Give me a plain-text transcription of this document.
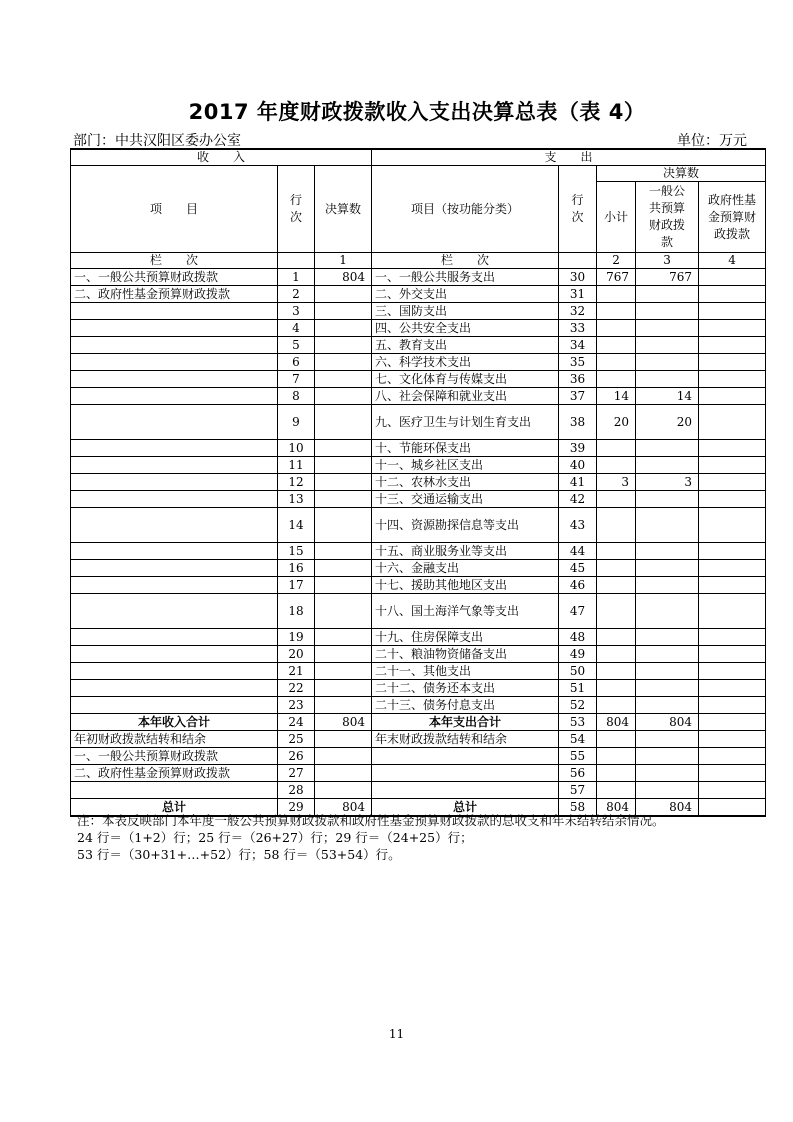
2017 年度财政拨款收入支出决算总表（表 4）
部门：中共汉阳区委办公室	单位：万元
收　　入			支　　出				
项　　目	行次	决算数	项目（按功能分类）	行次	决算数		
					小计	一般公共预算财政拨款	政府性基金预算财政拨款
栏　　次		1	栏　　次		2	3	4
一、一般公共预算财政拨款	1	804	一、一般公共服务支出	30	767	767	
二、政府性基金预算财政拨款	2		二、外交支出	31			
	3		三、国防支出	32			
	4		四、公共安全支出	33			
	5		五、教育支出	34			
	6		六、科学技术支出	35			
	7		七、文化体育与传媒支出	36			
	8		八、社会保障和就业支出	37	14	14	
	9		九、医疗卫生与计划生育支出	38	20	20	
	10		十、节能环保支出	39			
	11		十一、城乡社区支出	40			
	12		十二、农林水支出	41	3	3	
	13		十三、交通运输支出	42			
	14		十四、资源勘探信息等支出	43			
	15		十五、商业服务业等支出	44			
	16		十六、金融支出	45			
	17		十七、援助其他地区支出	46			
	18		十八、国土海洋气象等支出	47			
	19		十九、住房保障支出	48			
	20		二十、粮油物资储备支出	49			
	21		二十一、其他支出	50			
	22		二十二、债务还本支出	51			
	23		二十三、债务付息支出	52			
本年收入合计	24	804	本年支出合计	53	804	804	
年初财政拨款结转和结余	25		年末财政拨款结转和结余	54			
一、一般公共预算财政拨款	26			55			
二、政府性基金预算财政拨款	27			56			
	28			57			
总计	29	804	总计	58	804	804	
注：本表反映部门本年度一般公共预算财政拨款和政府性基金预算财政拨款的总收支和年末结转结余情况。
24 行＝（1+2）行；25 行＝（26+27）行；29 行＝（24+25）行；
53 行＝（30+31+…+52）行；58 行＝（53+54）行。
11
